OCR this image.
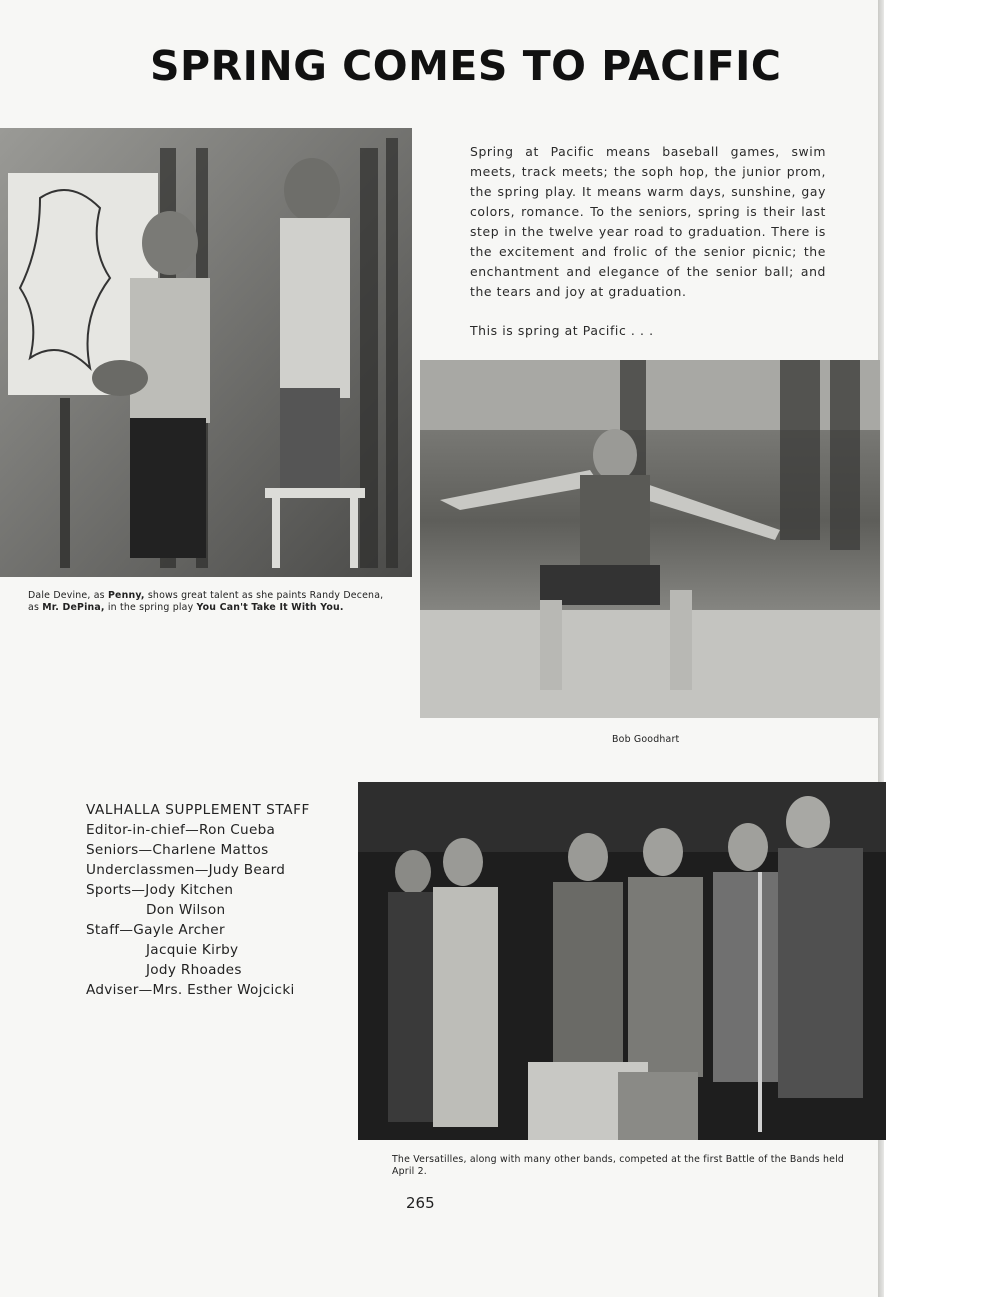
SPRING COMES TO PACIFIC

Spring at Pacific means baseball games, swim meets, track meets; the soph hop, the junior prom, the spring play. It means warm days, sunshine, gay colors, romance. To the seniors, spring is their last step in the twelve year road to graduation. There is the excitement and frolic of the senior picnic; the enchantment and elegance of the senior ball; and the tears and joy at graduation.

This is spring at Pacific . . .

Dale Devine, as Penny, shows great talent as she paints Randy Decena, as Mr. DePina, in the spring play You Can't Take It With You.
Bob Goodhart
VALHALLA SUPPLEMENT STAFF
Editor-in-chief—Ron Cueba
Seniors—Charlene Mattos
Underclassmen—Judy Beard
Sports—Jody Kitchen
Don Wilson
Staff—Gayle Archer
Jacquie Kirby
Jody Rhoades
Adviser—Mrs. Esther Wojcicki
The Versatilles, along with many other bands, competed at the first Battle of the Bands held April 2.
265
